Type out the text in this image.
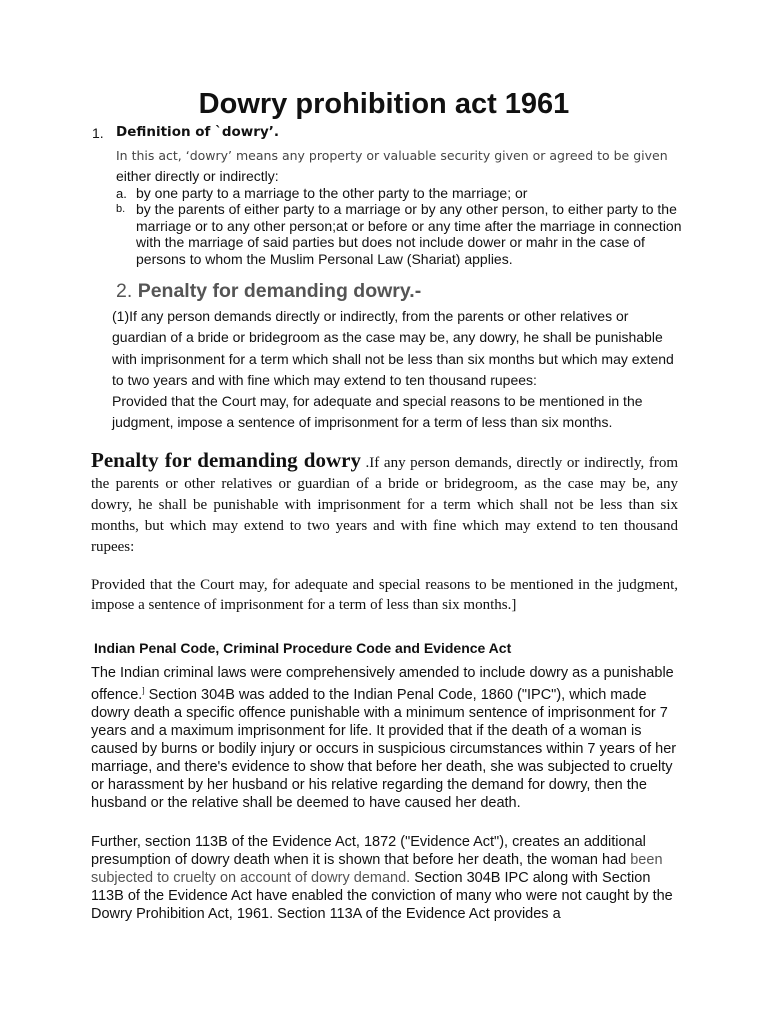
Dowry prohibition act 1961
1. Definition of `dowry’.
In this act, ‘dowry’ means any property or valuable security given or agreed to be given
either directly or indirectly:
a. by one party to a marriage to the other party to the marriage; or
b. by the parents of either party to a marriage or by any other person, to either party to the marriage or to any other person;at or before or any time after the marriage in connection with the marriage of said parties but does not include dower or mahr in the case of persons to whom the Muslim Personal Law (Shariat) applies.
2. Penalty for demanding dowry.-
(1)If any person demands directly or indirectly, from the parents or other relatives or guardian of a bride or bridegroom as the case may be, any dowry, he shall be punishable with imprisonment for a term which shall not be less than six months but which may extend to two years and with fine which may extend to ten thousand rupees:
Provided that the Court may, for adequate and special reasons to be mentioned in the judgment, impose a sentence of imprisonment for a term of less than six months.
Penalty for demanding dowry .If any person demands, directly or indirectly, from the parents or other relatives or guardian of a bride or bridegroom, as the case may be, any dowry, he shall be punishable with imprisonment for a term which shall not be less than six months, but which may extend to two years and with fine which may extend to ten thousand rupees:
Provided that the Court may, for adequate and special reasons to be mentioned in the judgment, impose a sentence of imprisonment for a term of less than six months.]
Indian Penal Code, Criminal Procedure Code and Evidence Act
The Indian criminal laws were comprehensively amended to include dowry as a punishable offence.] Section 304B was added to the Indian Penal Code, 1860 ("IPC"), which made dowry death a specific offence punishable with a minimum sentence of imprisonment for 7 years and a maximum imprisonment for life. It provided that if the death of a woman is caused by burns or bodily injury or occurs in suspicious circumstances within 7 years of her marriage, and there's evidence to show that before her death, she was subjected to cruelty or harassment by her husband or his relative regarding the demand for dowry, then the husband or the relative shall be deemed to have caused her death.
Further, section 113B of the Evidence Act, 1872 ("Evidence Act"), creates an additional presumption of dowry death when it is shown that before her death, the woman had been subjected to cruelty on account of dowry demand. Section 304B IPC along with Section 113B of the Evidence Act have enabled the conviction of many who were not caught by the Dowry Prohibition Act, 1961. Section 113A of the Evidence Act provides a
